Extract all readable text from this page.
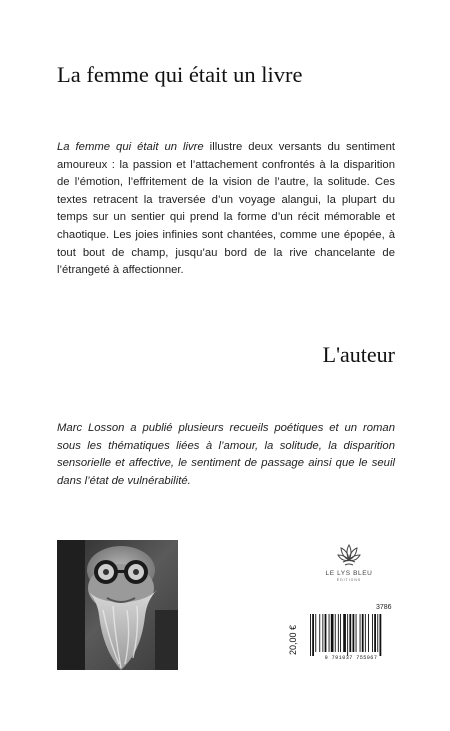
La femme qui était un livre

La femme qui était un livre illustre deux versants du sentiment amoureux : la passion et l’attachement confrontés à la disparition de l’émotion, l’effritement de la vision de l’autre, la solitude. Ces textes retracent la traversée d’un voyage alangui, la plupart du temps sur un sentier qui prend la forme d’un récit mémorable et chaotique. Les joies infinies sont chantées, comme une épopée, à tout bout de champ, jusqu’au bord de la rive chancelante de l’étrangeté à affectionner.

L'auteur

Marc Losson a publié plusieurs recueils poétiques et un roman sous les thématiques liées à l’amour, la solitude, la disparition sensorielle et affective, le sentiment de passage ainsi que le seuil dans l’état de vulnérabilité.

LE LYS BLEU
ÉDITIONS
3786
20,00 €
9 791037 755067
